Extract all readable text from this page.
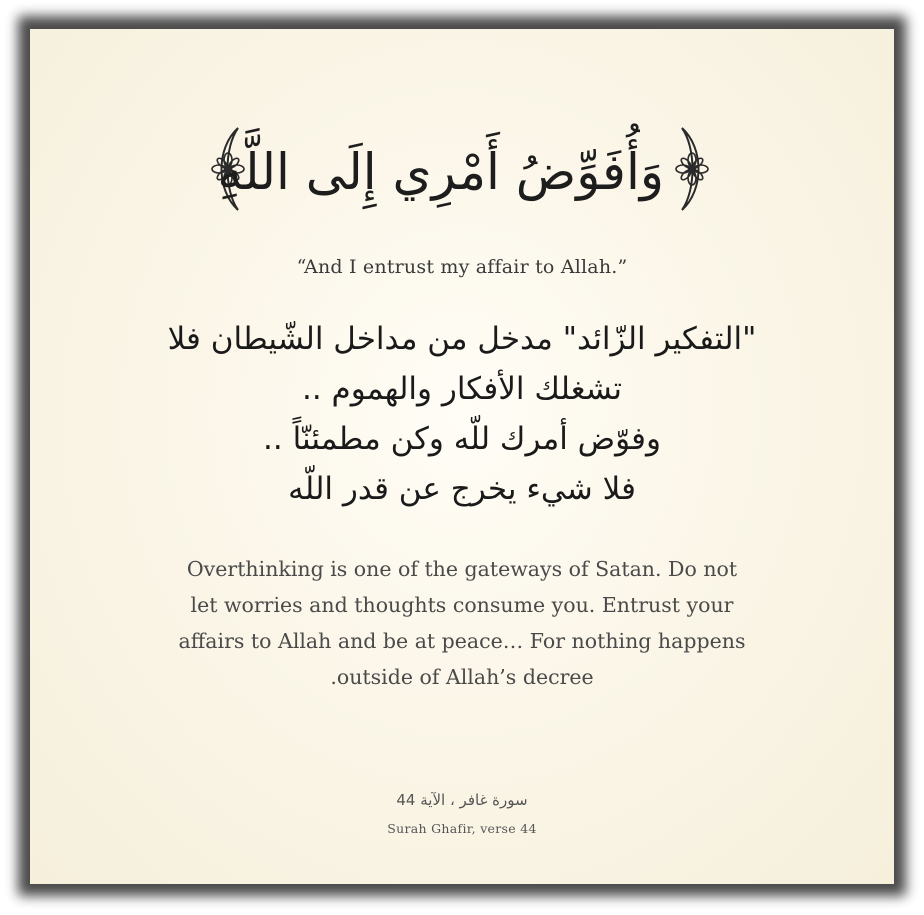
وَأُفَوِّضُ أَمْرِي إِلَى اللَّهِ
“And I entrust my affair to Allah.”
"التفكير الزّائد" مدخل من مداخل الشّيطان فلا
تشغلك الأفكار والهموم ..
وفوّض أمرك للّه وكن مطمئنّاً ..
فلا شيء يخرج عن قدر اللّه
Overthinking is one of the gateways of Satan. Do not
let worries and thoughts consume you. Entrust your
affairs to Allah and be at peace… For nothing happens
.outside of Allah’s decree
سورة غافر ، الآية 44
Surah Ghafir, verse 44
